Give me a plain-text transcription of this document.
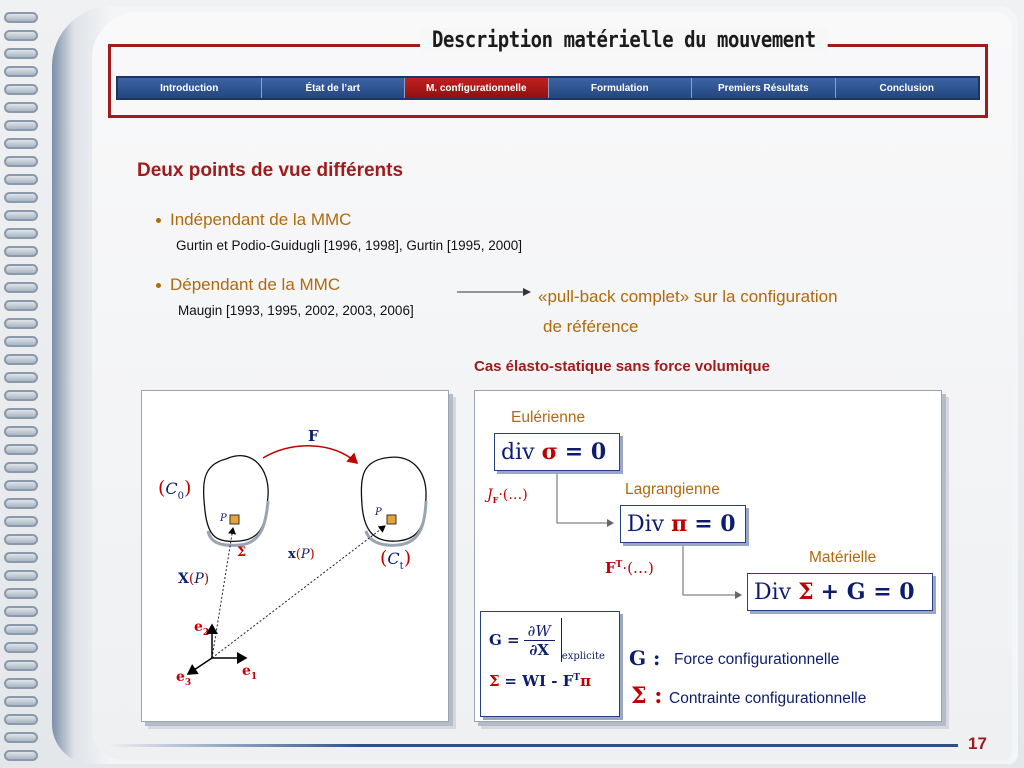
Description matérielle du mouvement
Introduction	État de l’art	M. configurationnelle	Formulation	Premiers Résultats	Conclusion
Deux points de vue différents
Indépendant de la MMC
Gurtin et Podio-Guidugli [1996, 1998], Gurtin [1995, 2000]
Dépendant de la MMC
Maugin [1993, 1995, 2002, 2003, 2006]
«pull-back complet» sur la configuration
de référence
Cas élasto-statique sans force volumique
F
$(C_0)$
$(C_t)$
P
P
Σ	x(P)
X(P)
$e_2$
$e_1$
$e_3$
Eulérienne
div
σ
= 0
$J_F\cdot(\dots)$	Lagrangienne
Div
π
= 0
$F^T\cdot(\dots)$
Matérielle
Div
Σ
+ G = 0
$G = \frac{\partial W}{\partial X}$ explicite
Σ = WI - $F^T\pi$
G : Force configurationnelle
Σ : Contrainte configurationnelle
17
